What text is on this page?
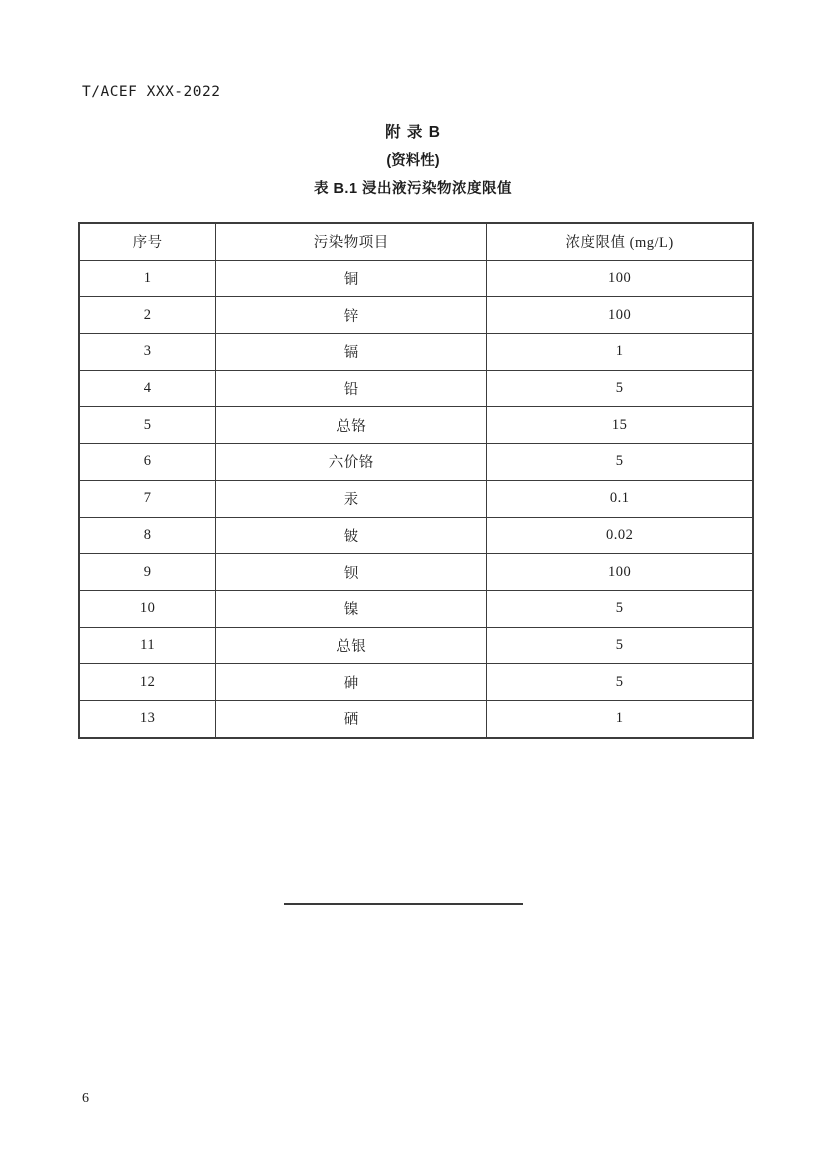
T/ACEF XXX-2022
附 录 B
(资料性)
表 B.1 浸出液污染物浓度限值
序号	污染物项目	浓度限值 (mg/L)
1	铜	100
2	锌	100
3	镉	1
4	铅	5
5	总铬	15
6	六价铬	5
7	汞	0.1
8	铍	0.02
9	钡	100
10	镍	5
11	总银	5
12	砷	5
13	硒	1
6
